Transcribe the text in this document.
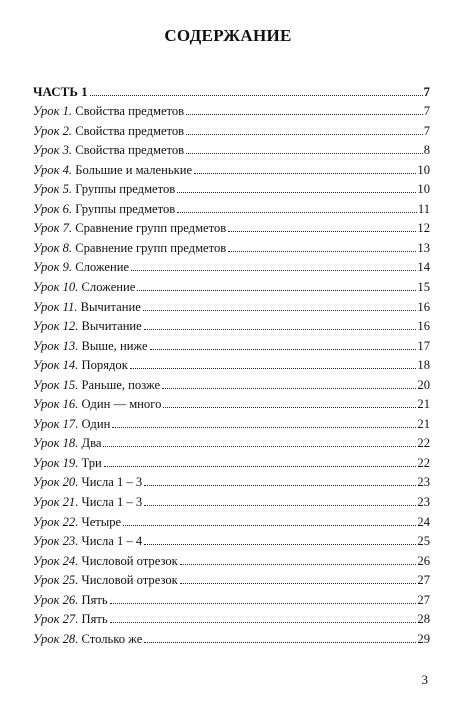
СОДЕРЖАНИЕ
ЧАСТЬ 1	7
Урок 1. Свойства предметов	7
Урок 2. Свойства предметов	7
Урок 3. Свойства предметов	8
Урок 4. Большие и маленькие	10
Урок 5. Группы предметов	10
Урок 6. Группы предметов	11
Урок 7. Сравнение групп предметов	12
Урок 8. Сравнение групп предметов	13
Урок 9. Сложение	14
Урок 10. Сложение	15
Урок 11. Вычитание	16
Урок 12. Вычитание	16
Урок 13. Выше, ниже	17
Урок 14. Порядок	18
Урок 15. Раньше, позже	20
Урок 16. Один — много	21
Урок 17. Один	21
Урок 18. Два	22
Урок 19. Три	22
Урок 20. Числа 1 – 3	23
Урок 21. Числа 1 – 3	23
Урок 22. Четыре	24
Урок 23. Числа 1 – 4	25
Урок 24. Числовой отрезок	26
Урок 25. Числовой отрезок	27
Урок 26. Пять	27
Урок 27. Пять	28
Урок 28. Столько же	29
3
